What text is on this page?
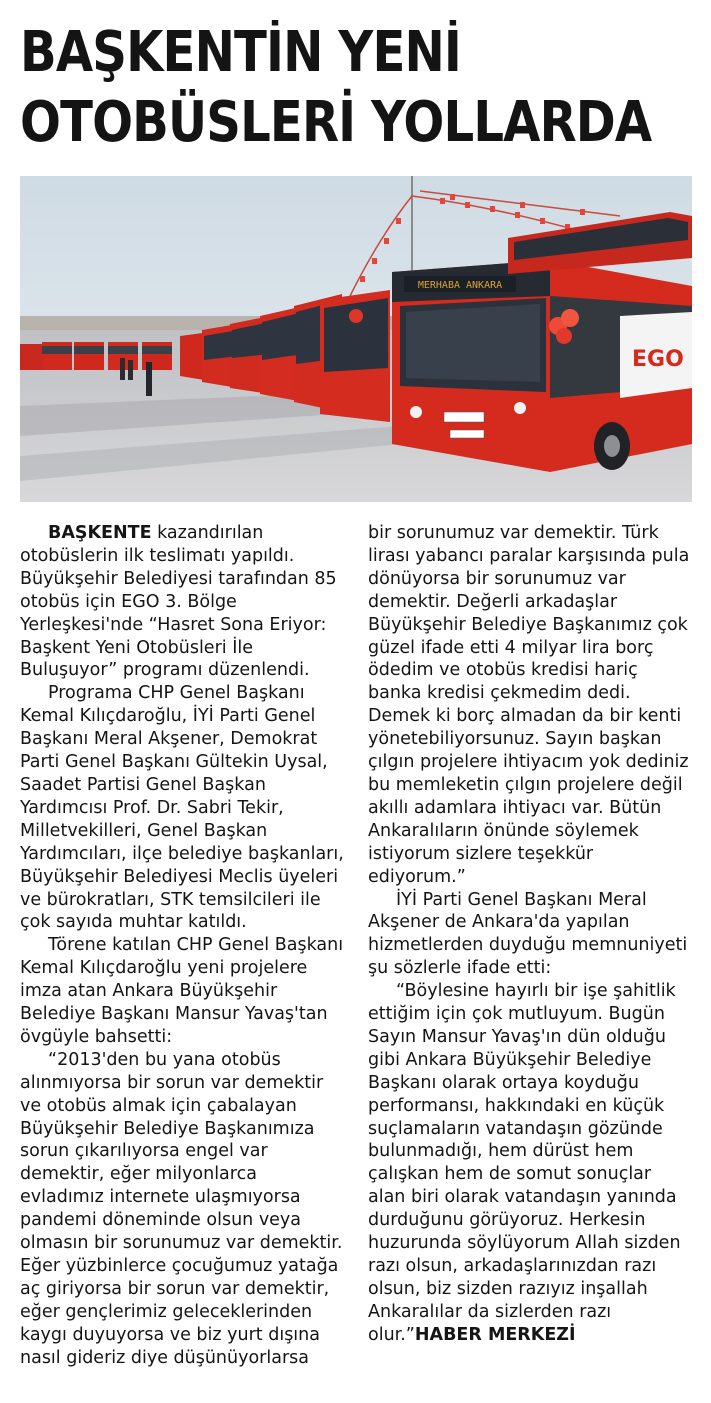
BAŞKENTİN YENİ
OTOBÜSLERİ YOLLARDA
MERHABA ANKARA
EGO

BAŞKENTE kazandırılan otobüslerin ilk teslimatı yapıldı. Büyükşehir Belediyesi tarafından 85 otobüs için EGO 3. Bölge Yerleşkesi'nde “Hasret Sona Eriyor: Başkent Yeni Otobüsleri İle Buluşuyor” programı düzenlendi.

Programa CHP Genel Başkanı Kemal Kılıçdaroğlu, İYİ Parti Genel Başkanı Meral Akşener, Demokrat Parti Genel Başkanı Gültekin Uysal, Saadet Partisi Genel Başkan Yardımcısı Prof. Dr. Sabri Tekir, Milletvekilleri, Genel Başkan Yardımcıları, ilçe belediye başkanları, Büyükşehir Belediyesi Meclis üyeleri ve bürokratları, STK temsilcileri ile çok sayıda muhtar katıldı.

Törene katılan CHP Genel Başkanı Kemal Kılıçdaroğlu yeni projelere imza atan Ankara Büyükşehir Belediye Başkanı Mansur Yavaş'tan övgüyle bahsetti:

“2013'den bu yana otobüs alınmıyorsa bir sorun var demektir ve otobüs almak için çabalayan Büyükşehir Belediye Başkanımıza sorun çıkarılıyorsa engel var demektir, eğer milyonlarca evladımız internete ulaşmıyorsa pandemi döneminde olsun veya olmasın bir sorunumuz var demektir. Eğer yüzbinlerce çocuğumuz yatağa aç giriyorsa bir sorun var demektir, eğer gençlerimiz geleceklerinden kaygı duyuyorsa ve biz yurt dışına nasıl gideriz diye düşünüyorlarsa

bir sorunumuz var demektir. Türk lirası yabancı paralar karşısında pula dönüyorsa bir sorunumuz var demektir. Değerli arkadaşlar Büyükşehir Belediye Başkanımız çok güzel ifade etti 4 milyar lira borç ödedim ve otobüs kredisi hariç banka kredisi çekmedim dedi. Demek ki borç almadan da bir kenti yönetebiliyorsunuz. Sayın başkan çılgın projelere ihtiyacım yok dediniz bu memleketin çılgın projelere değil akıllı adamlara ihtiyacı var. Bütün Ankaralıların önünde söylemek istiyorum sizlere teşekkür ediyorum.”

İYİ Parti Genel Başkanı Meral Akşener de Ankara'da yapılan hizmetlerden duyduğu memnuniyeti şu sözlerle ifade etti:

“Böylesine hayırlı bir işe şahitlik ettiğim için çok mutluyum. Bugün Sayın Mansur Yavaş'ın dün olduğu gibi Ankara Büyükşehir Belediye Başkanı olarak ortaya koyduğu performansı, hakkındaki en küçük suçlamaların vatandaşın gözünde bulunmadığı, hem dürüst hem çalışkan hem de somut sonuçlar alan biri olarak vatandaşın yanında durduğunu görüyoruz. Herkesin huzurunda söylüyorum Allah sizden razı olsun, arkadaşlarınızdan razı olsun, biz sizden razıyız inşallah Ankaralılar da sizlerden razı olur.”HABER MERKEZİ
